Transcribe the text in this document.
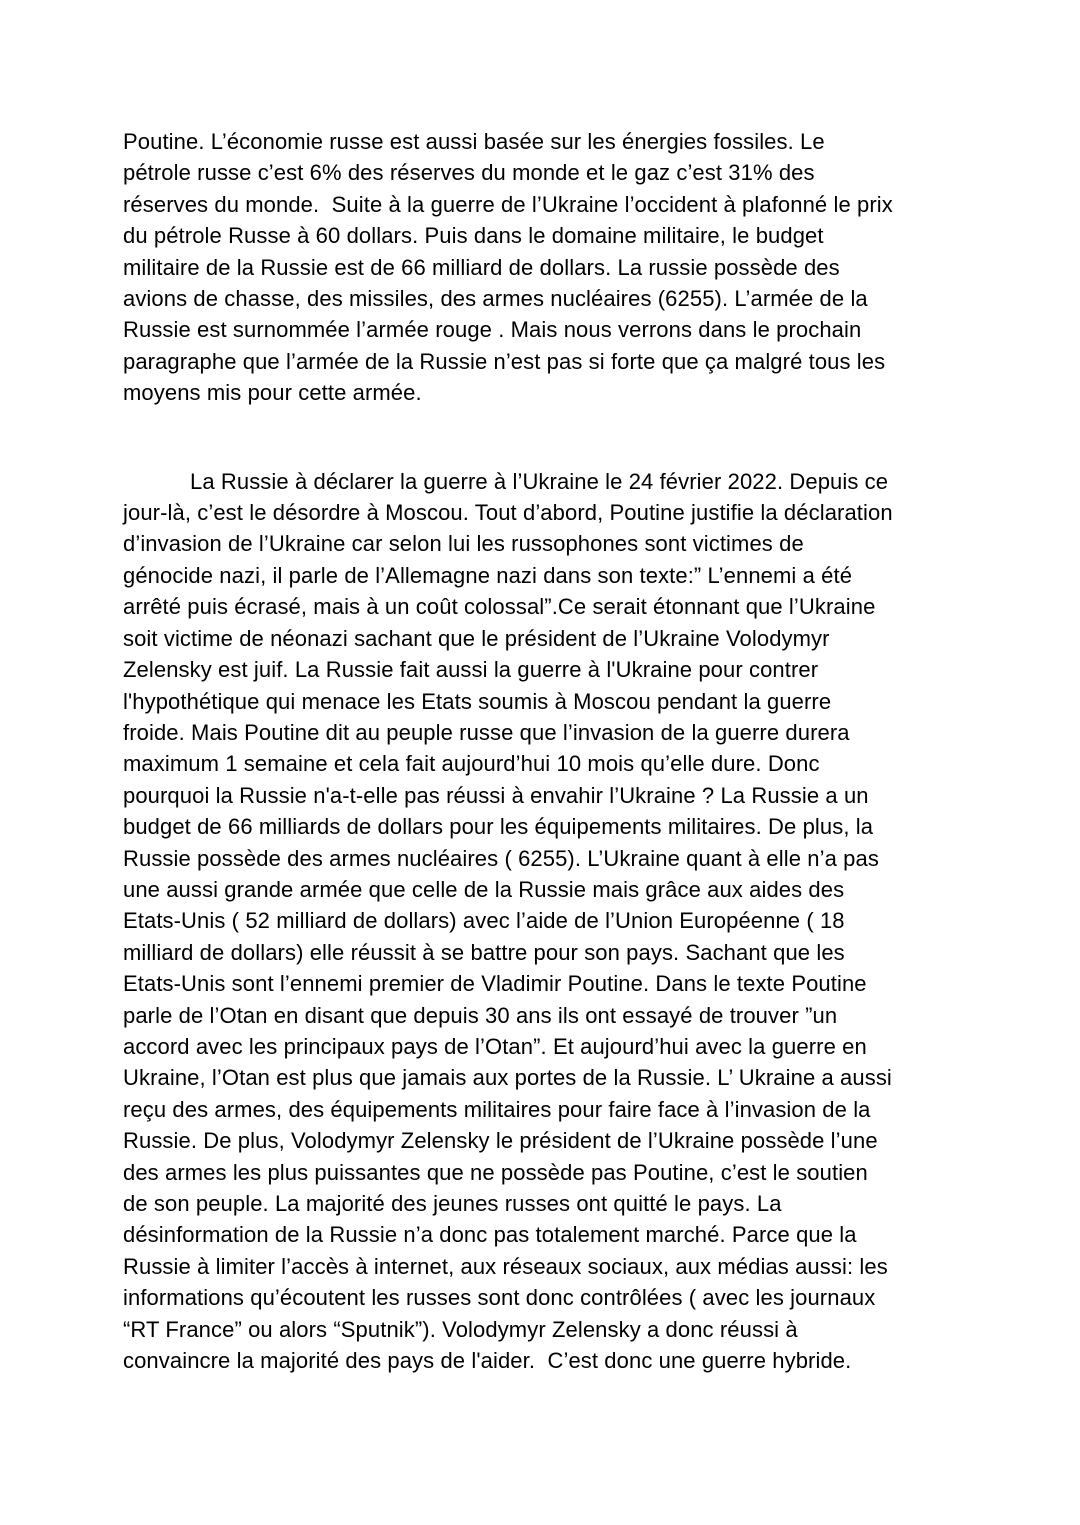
Poutine. L’économie russe est aussi basée sur les énergies fossiles. Le
pétrole russe c’est 6% des réserves du monde et le gaz c’est 31% des
réserves du monde.  Suite à la guerre de l’Ukraine l’occident à plafonné le prix
du pétrole Russe à 60 dollars. Puis dans le domaine militaire, le budget
militaire de la Russie est de 66 milliard de dollars. La russie possède des
avions de chasse, des missiles, des armes nucléaires (6255). L’armée de la
Russie est surnommée l’armée rouge . Mais nous verrons dans le prochain
paragraphe que l’armée de la Russie n’est pas si forte que ça malgré tous les
moyens mis pour cette armée.
La Russie à déclarer la guerre à l’Ukraine le 24 février 2022. Depuis ce
jour-là, c’est le désordre à Moscou. Tout d’abord, Poutine justifie la déclaration
d’invasion de l’Ukraine car selon lui les russophones sont victimes de
génocide nazi, il parle de l’Allemagne nazi dans son texte:” L’ennemi a été
arrêté puis écrasé, mais à un coût colossal”.Ce serait étonnant que l’Ukraine
soit victime de néonazi sachant que le président de l’Ukraine Volodymyr
Zelensky est juif. La Russie fait aussi la guerre à l'Ukraine pour contrer
l'hypothétique qui menace les Etats soumis à Moscou pendant la guerre
froide. Mais Poutine dit au peuple russe que l’invasion de la guerre durera
maximum 1 semaine et cela fait aujourd’hui 10 mois qu’elle dure. Donc
pourquoi la Russie n'a-t-elle pas réussi à envahir l’Ukraine ? La Russie a un
budget de 66 milliards de dollars pour les équipements militaires. De plus, la
Russie possède des armes nucléaires ( 6255). L’Ukraine quant à elle n’a pas
une aussi grande armée que celle de la Russie mais grâce aux aides des
Etats-Unis ( 52 milliard de dollars) avec l’aide de l’Union Européenne ( 18
milliard de dollars) elle réussit à se battre pour son pays. Sachant que les
Etats-Unis sont l’ennemi premier de Vladimir Poutine. Dans le texte Poutine
parle de l’Otan en disant que depuis 30 ans ils ont essayé de trouver ”un
accord avec les principaux pays de l’Otan”. Et aujourd’hui avec la guerre en
Ukraine, l’Otan est plus que jamais aux portes de la Russie. L’ Ukraine a aussi
reçu des armes, des équipements militaires pour faire face à l’invasion de la
Russie. De plus, Volodymyr Zelensky le président de l’Ukraine possède l’une
des armes les plus puissantes que ne possède pas Poutine, c’est le soutien
de son peuple. La majorité des jeunes russes ont quitté le pays. La
désinformation de la Russie n’a donc pas totalement marché. Parce que la
Russie à limiter l’accès à internet, aux réseaux sociaux, aux médias aussi: les
informations qu’écoutent les russes sont donc contrôlées ( avec les journaux
“RT France” ou alors “Sputnik”). Volodymyr Zelensky a donc réussi à
convaincre la majorité des pays de l'aider.  C’est donc une guerre hybride.
